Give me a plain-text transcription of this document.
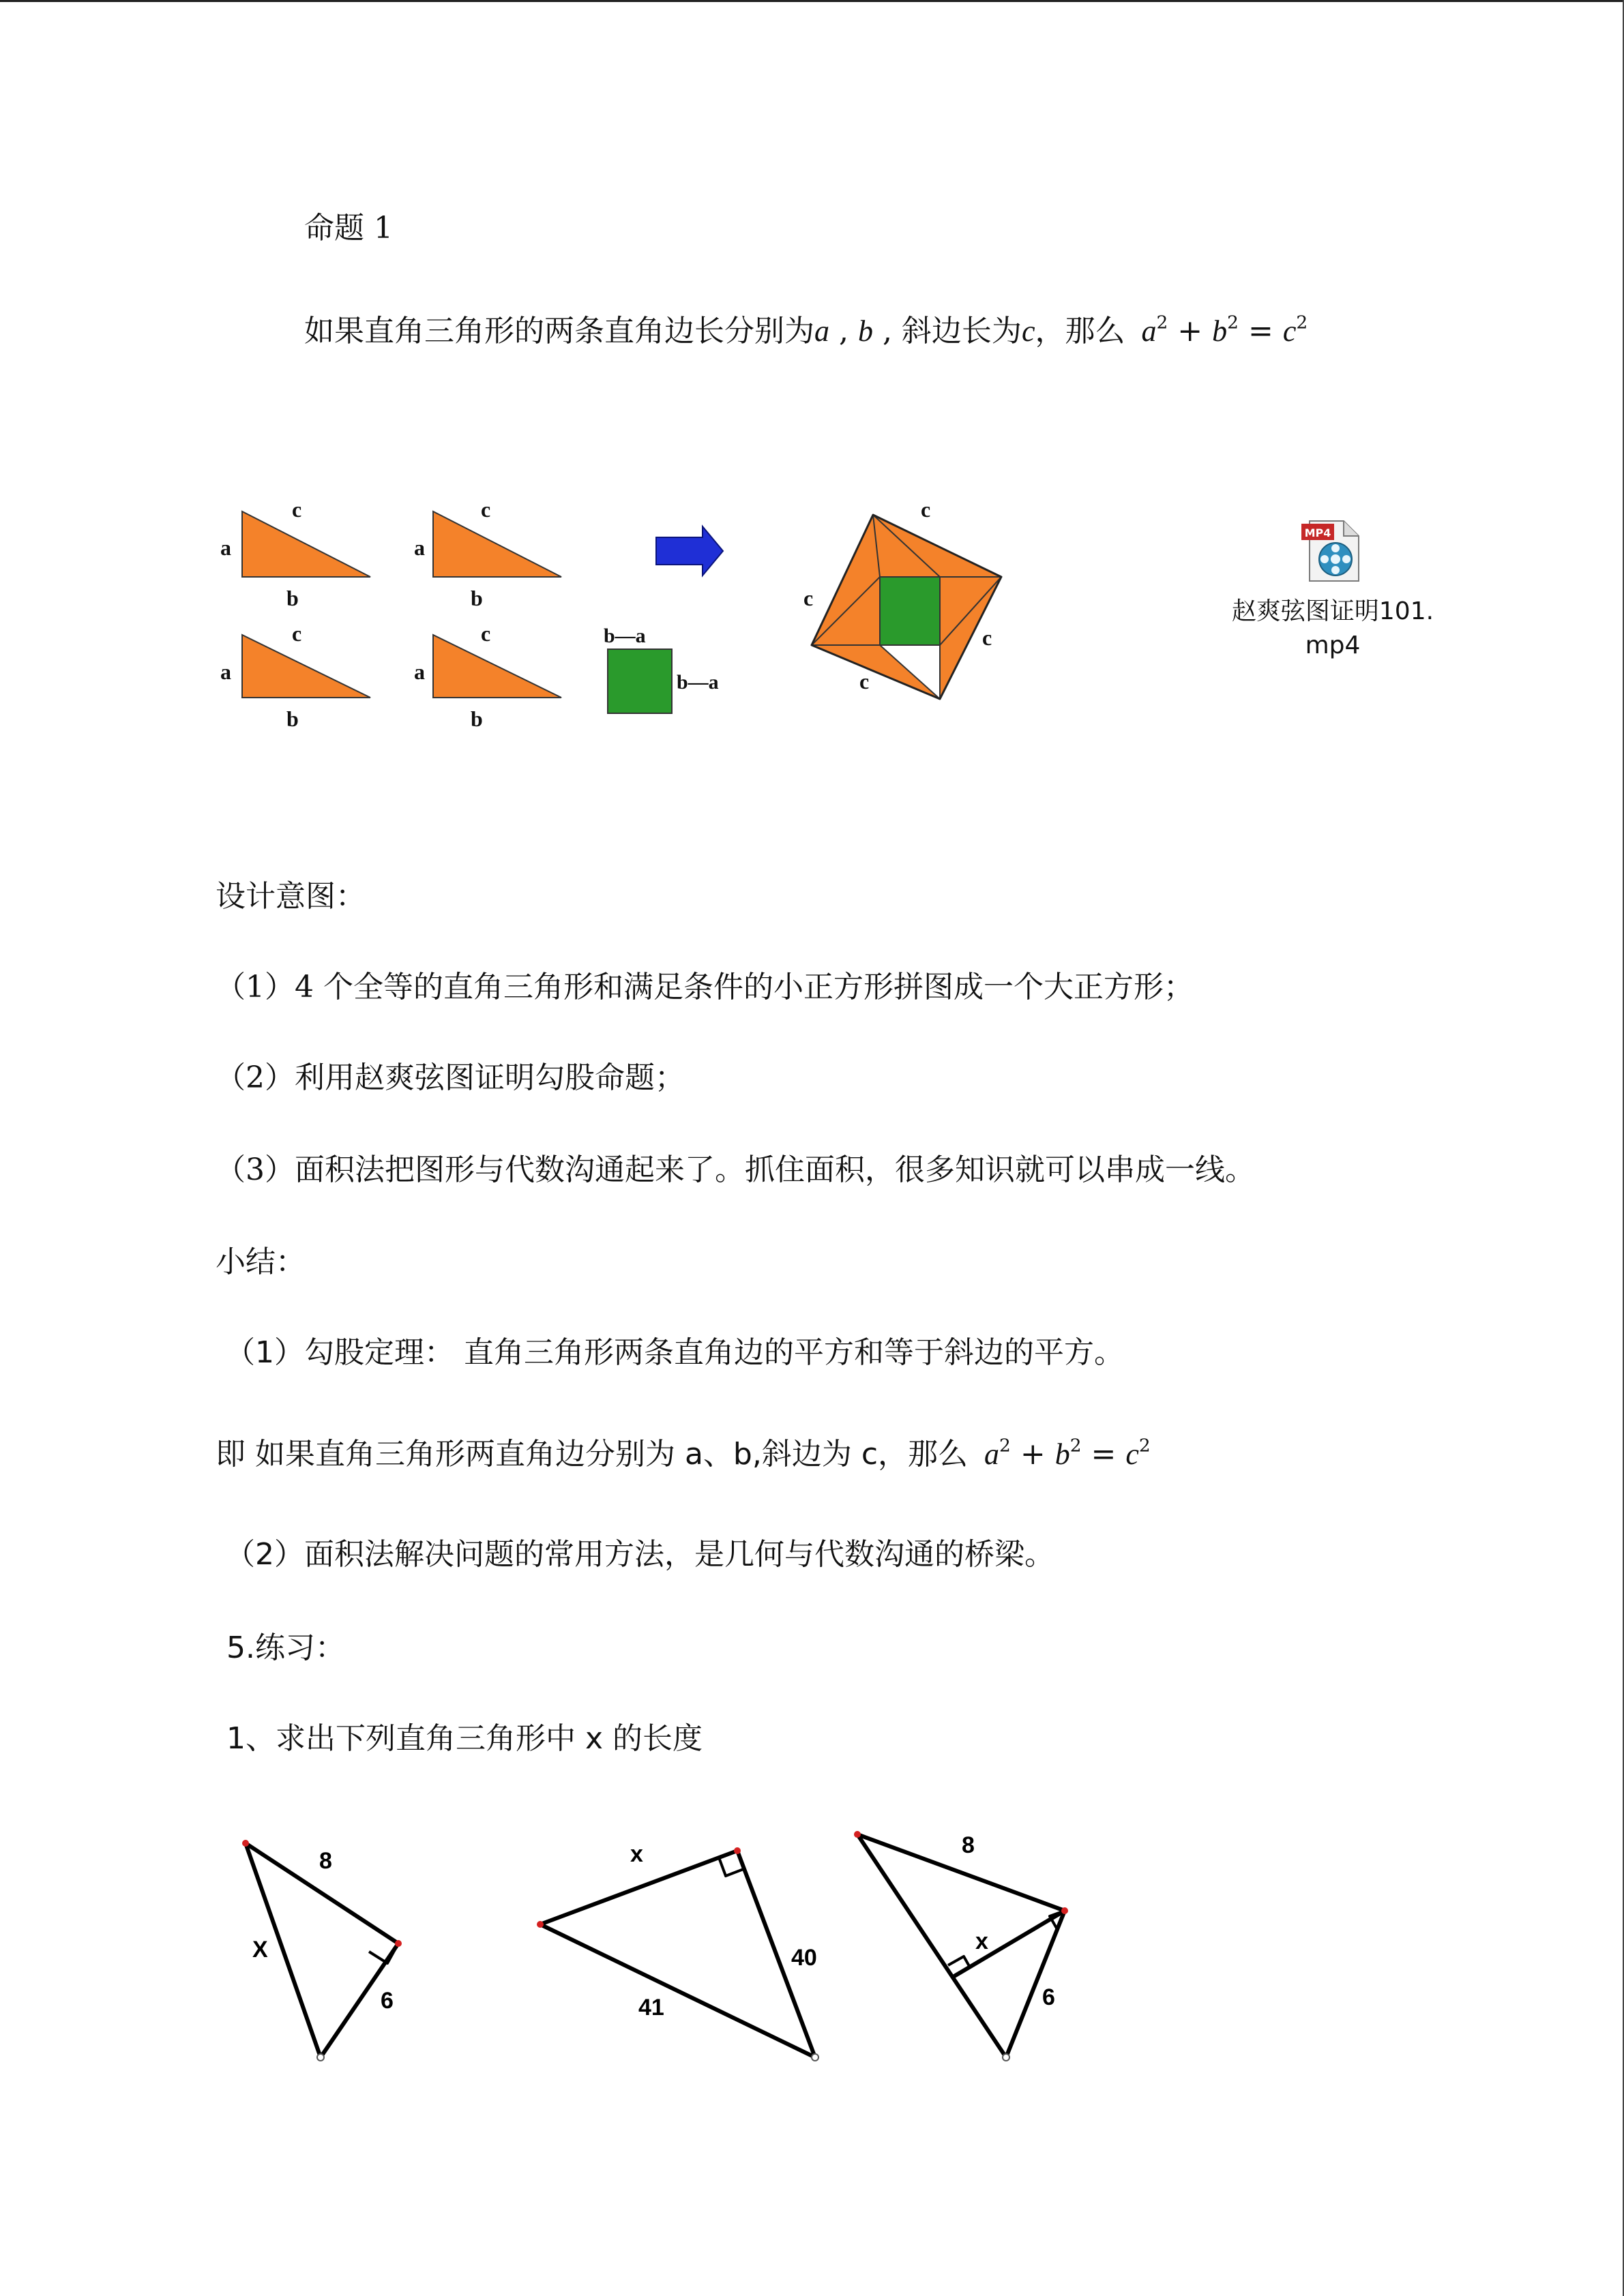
命题 1
如果直角三角形的两条直角边长分别为a , b , 斜边长为c，那么 $a^2 + b^2 = c^2$
a
c
b
a
c
b
a
c
b
a
c
b
b—a
b—a
c
c
c
c
MP4
赵爽弦图证明101.
mp4
设计意图：
（1）4 个全等的直角三角形和满足条件的小正方形拼图成一个大正方形；
（2）利用赵爽弦图证明勾股命题；
（3）面积法把图形与代数沟通起来了。抓住面积，很多知识就可以串成一线。
小结：
（1）勾股定理： 直角三角形两条直角边的平方和等于斜边的平方。
即 如果直角三角形两直角边分别为 a、b,斜边为 c，那么 $a^2 + b^2 = c^2$
（2）面积法解决问题的常用方法，是几何与代数沟通的桥梁。
5.练习：
1、求出下列直角三角形中 x 的长度
8
X
6
x
40
41
8
x
6
